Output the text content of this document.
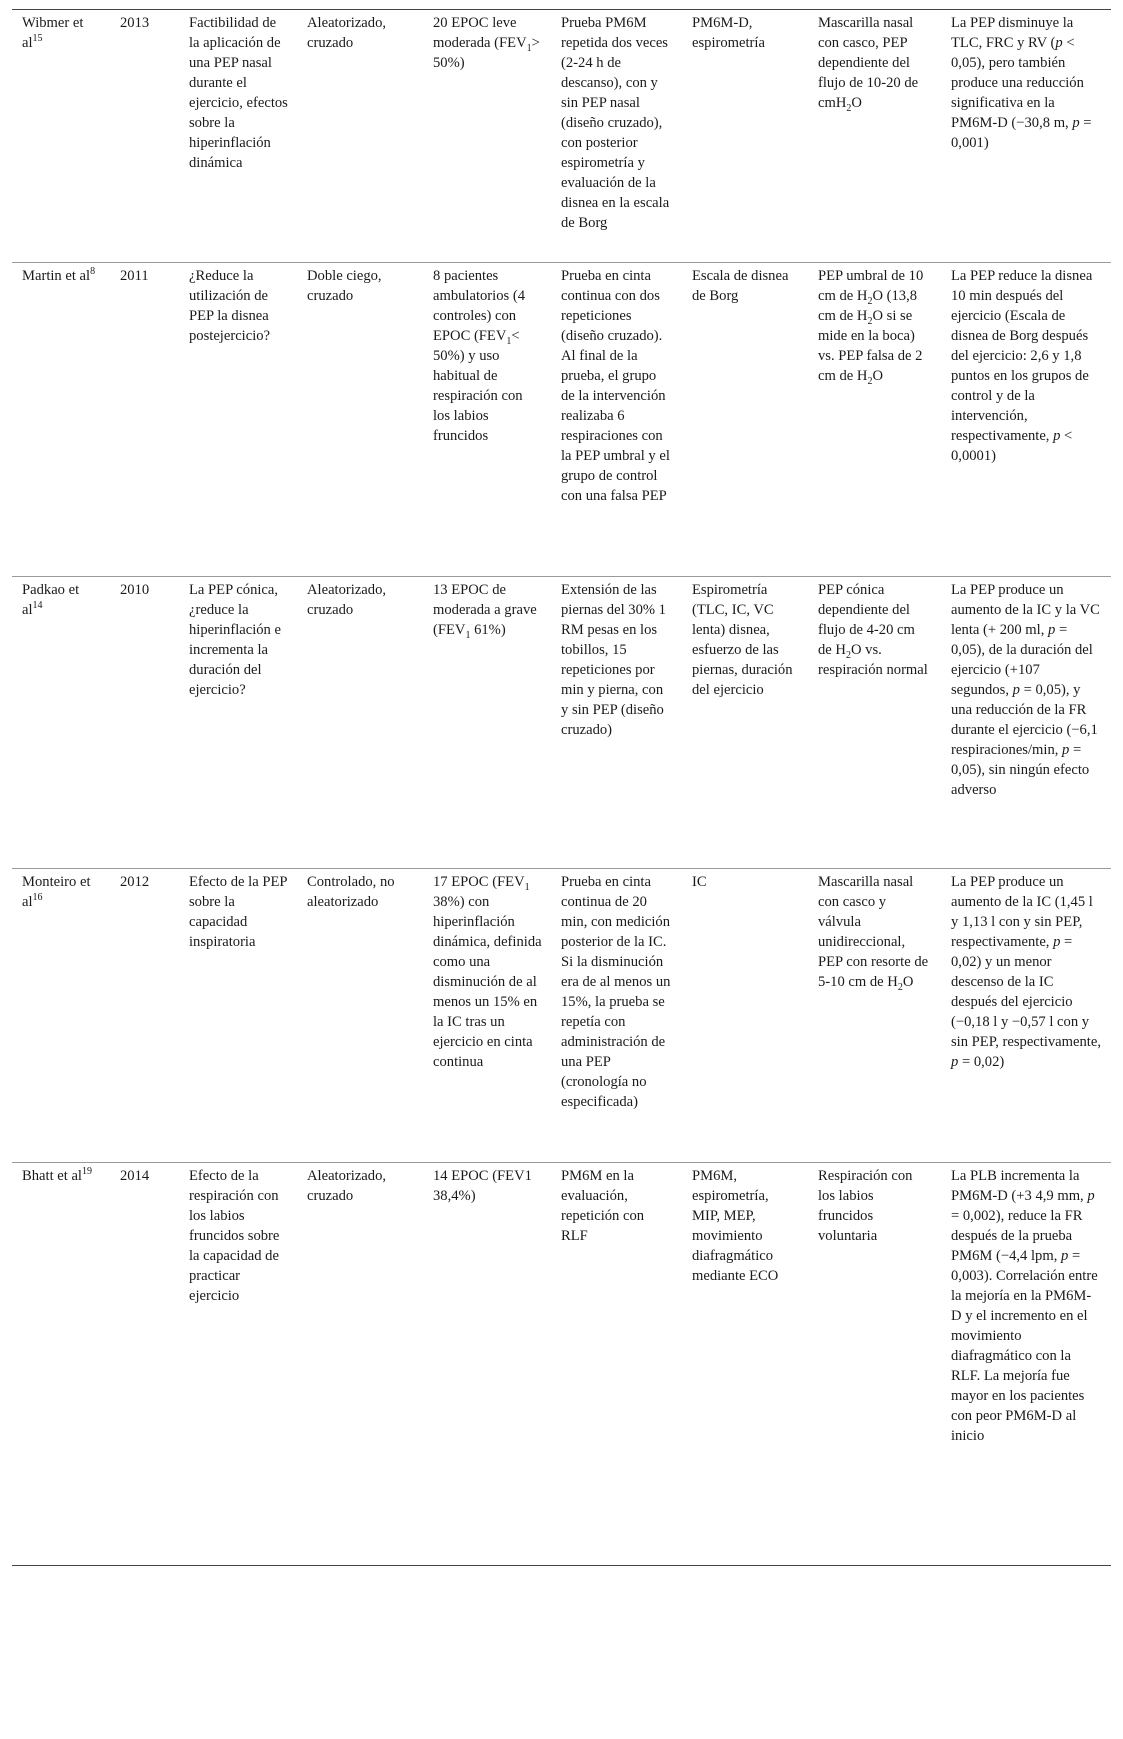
Wibmer et $al^{15}$	2013	Factibilidad de la aplicación de una PEP nasal durante el ejercicio, efectos sobre la hiperinflación dinámica	Aleatorizado, cruzado	20 EPOC leve moderada $(FEV_1> 50\%)$	Prueba PM6M repetida dos veces (2-24 h de descanso), con y sin PEP nasal (diseño cruzado), con posterior espirometría y evaluación de la disnea en la escala de Borg	PM6M-D, espirometría	Mascarilla nasal con casco, PEP dependiente del flujo de 10-20 de cmH$_2$O	La PEP disminuye la TLC, FRC y RV (p < 0,05), pero también produce una reducción significativa en la PM6M-D (−30,8 m, p = 0,001)
Martin et $al^8$	2011	¿Reduce la utilización de PEP la disnea postejercicio?	Doble ciego, cruzado	8 pacientes ambulatorios (4 controles) con EPOC $(FEV_1< 50\%)$ y uso habitual de respiración con los labios fruncidos	Prueba en cinta continua con dos repeticiones (diseño cruzado). Al final de la prueba, el grupo de la intervención realizaba 6 respiraciones con la PEP umbral y el grupo de control con una falsa PEP	Escala de disnea de Borg	PEP umbral de 10 cm de $H_2O$ (13,8 cm de $H_2O$ si se mide en la boca) vs. PEP falsa de 2 cm de $H_2O$	La PEP reduce la disnea 10 min después del ejercicio (Escala de disnea de Borg después del ejercicio: 2,6 y 1,8 puntos en los grupos de control y de la intervención, respectivamente, p < 0,0001)
Padkao et $al^{14}$	2010	La PEP cónica, ¿reduce la hiperinflación e incrementa la duración del ejercicio?	Aleatorizado, cruzado	13 EPOC de moderada a grave ($FEV_1$ 61%)	Extensión de las piernas del 30% 1 RM pesas en los tobillos, 15 repeticiones por min y pierna, con y sin PEP (diseño cruzado)	Espirometría (TLC, IC, VC lenta) disnea, esfuerzo de las piernas, duración del ejercicio	PEP cónica dependiente del flujo de 4-20 cm de $H_2O$ vs. respiración normal	La PEP produce un aumento de la IC y la VC lenta (+ 200 ml, p = 0,05), de la duración del ejercicio (+107 segundos, p = 0,05), y una reducción de la FR durante el ejercicio (−6,1 respiraciones/min, p = 0,05), sin ningún efecto adverso
Monteiro et $al^{16}$	2012	Efecto de la PEP sobre la capacidad inspiratoria	Controlado, no aleatorizado	17 EPOC ($FEV_1$ 38%) con hiperinflación dinámica, definida como una disminución de al menos un 15% en la IC tras un ejercicio en cinta continua	Prueba en cinta continua de 20 min, con medición posterior de la IC. Si la disminución era de al menos un 15%, la prueba se repetía con administración de una PEP (cronología no especificada)	IC	Mascarilla nasal con casco y válvula unidireccional, PEP con resorte de 5-10 cm de $H_2O$	La PEP produce un aumento de la IC (1,45 l y 1,13 l con y sin PEP, respectivamente, p = 0,02) y un menor descenso de la IC después del ejercicio (−0,18 l y −0,57 l con y sin PEP, respectivamente, p = 0,02)
Bhatt et $al^{19}$	2014	Efecto de la respiración con los labios fruncidos sobre la capacidad de practicar ejercicio	Aleatorizado, cruzado	14 EPOC (FEV1 38,4%)	PM6M en la evaluación, repetición con RLF	PM6M, espirometría, MIP, MEP, movimiento diafragmático mediante ECO	Respiración con los labios fruncidos voluntaria	La PLB incrementa la PM6M-D (+3 4,9 mm, p = 0,002), reduce la FR después de la prueba PM6M (−4,4 lpm, p = 0,003). Correlación entre la mejoría en la PM6M-D y el incremento en el movimiento diafragmático con la RLF. La mejoría fue mayor en los pacientes con peor PM6M-D al inicio
